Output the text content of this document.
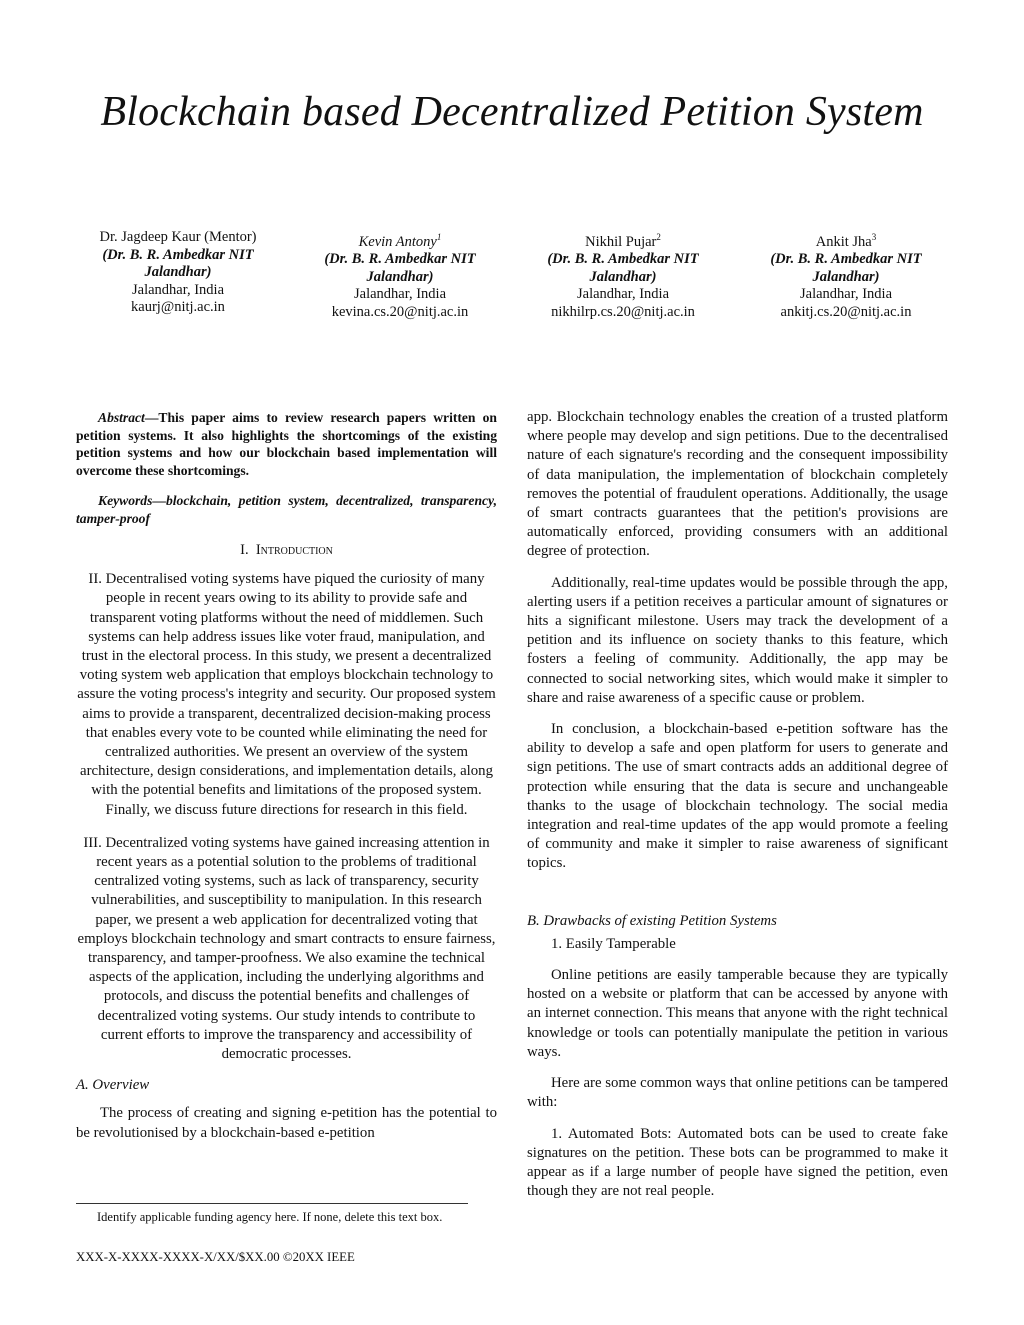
Blockchain based Decentralized Petition System
Dr. Jagdeep Kaur (Mentor)
(Dr. B. R. Ambedkar NIT Jalandhar)
Jalandhar, India
kaurj@nitj.ac.in
Kevin Antony$^1$
(Dr. B. R. Ambedkar NIT Jalandhar)
Jalandhar, India
kevina.cs.20@nitj.ac.in
Nikhil Pujar$^2$
(Dr. B. R. Ambedkar NIT Jalandhar)
Jalandhar, India
nikhilrp.cs.20@nitj.ac.in
Ankit Jha$^3$
(Dr. B. R. Ambedkar NIT Jalandhar)
Jalandhar, India
ankitj.cs.20@nitj.ac.in

Abstract—This paper aims to review research papers written on petition systems. It also highlights the shortcomings of the existing petition systems and how our blockchain based implementation will overcome these shortcomings.

Keywords—blockchain, petition system, decentralized, transparency, tamper-proof

I. Introduction

II. Decentralised voting systems have piqued the curiosity of many people in recent years owing to its ability to provide safe and transparent voting platforms without the need of middlemen. Such systems can help address issues like voter fraud, manipulation, and trust in the electoral process. In this study, we present a decentralized voting system web application that employs blockchain technology to assure the voting process's integrity and security. Our proposed system aims to provide a transparent, decentralized decision-making process that enables every vote to be counted while eliminating the need for centralized authorities. We present an overview of the system architecture, design considerations, and implementation details, along with the potential benefits and limitations of the proposed system. Finally, we discuss future directions for research in this field.

III. Decentralized voting systems have gained increasing attention in recent years as a potential solution to the problems of traditional centralized voting systems, such as lack of transparency, security vulnerabilities, and susceptibility to manipulation. In this research paper, we present a web application for decentralized voting that employs blockchain technology and smart contracts to ensure fairness, transparency, and tamper-proofness. We also examine the technical aspects of the application, including the underlying algorithms and protocols, and discuss the potential benefits and challenges of decentralized voting systems. Our study intends to contribute to current efforts to improve the transparency and accessibility of democratic processes.

A. Overview

The process of creating and signing e-petition has the potential to be revolutionised by a blockchain-based e-petition

app. Blockchain technology enables the creation of a trusted platform where people may develop and sign petitions. Due to the decentralised nature of each signature's recording and the consequent impossibility of data manipulation, the implementation of blockchain completely removes the potential of fraudulent operations. Additionally, the usage of smart contracts guarantees that the petition's provisions are automatically enforced, providing consumers with an additional degree of protection.

Additionally, real-time updates would be possible through the app, alerting users if a petition receives a particular amount of signatures or hits a significant milestone. Users may track the development of a petition and its influence on society thanks to this feature, which fosters a feeling of community. Additionally, the app may be connected to social networking sites, which would make it simpler to share and raise awareness of a specific cause or problem.

In conclusion, a blockchain-based e-petition software has the ability to develop a safe and open platform for users to generate and sign petitions. The use of smart contracts adds an additional degree of protection while ensuring that the data is secure and unchangeable thanks to the usage of blockchain technology. The social media integration and real-time updates of the app would promote a feeling of community and make it simpler to raise awareness of significant topics.

B. Drawbacks of existing Petition Systems

1. Easily Tamperable

Online petitions are easily tamperable because they are typically hosted on a website or platform that can be accessed by anyone with an internet connection. This means that anyone with the right technical knowledge or tools can potentially manipulate the petition in various ways.

Here are some common ways that online petitions can be tampered with:

1. Automated Bots: Automated bots can be used to create fake signatures on the petition. These bots can be programmed to make it appear as if a large number of people have signed the petition, even though they are not real people.

Identify applicable funding agency here. If none, delete this text box.
XXX-X-XXXX-XXXX-X/XX/$XX.00 ©20XX IEEE
